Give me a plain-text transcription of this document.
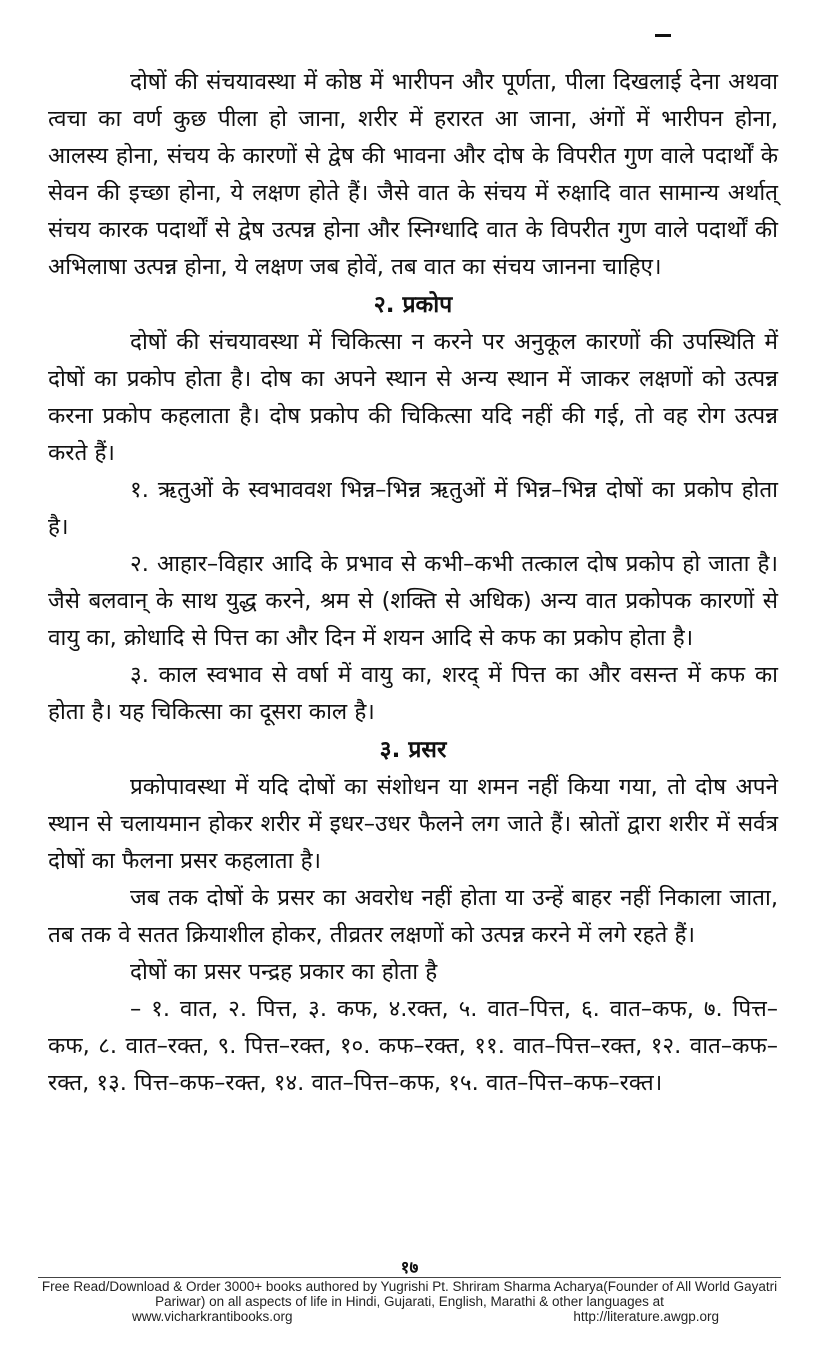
दोषों की संचयावस्था में कोष्ठ में भारीपन और पूर्णता, पीला दिखलाई देना अथवा त्वचा का वर्ण कुछ पीला हो जाना, शरीर में हरारत आ जाना, अंगों में भारीपन होना, आलस्य होना, संचय के कारणों से द्वेष की भावना और दोष के विपरीत गुण वाले पदार्थों के सेवन की इच्छा होना, ये लक्षण होते हैं। जैसे वात के संचय में रुक्षादि वात सामान्य अर्थात् संचय कारक पदार्थों से द्वेष उत्पन्न होना और स्निग्धादि वात के विपरीत गुण वाले पदार्थों की अभिलाषा उत्पन्न होना, ये लक्षण जब होवें, तब वात का संचय जानना चाहिए।

२. प्रकोप

दोषों की संचयावस्था में चिकित्सा न करने पर अनुकूल कारणों की उपस्थिति में दोषों का प्रकोप होता है। दोष का अपने स्थान से अन्य स्थान में जाकर लक्षणों को उत्पन्न करना प्रकोप कहलाता है। दोष प्रकोप की चिकित्सा यदि नहीं की गई, तो वह रोग उत्पन्न करते हैं।

१. ऋतुओं के स्वभाववश भिन्न–भिन्न ऋतुओं में भिन्न–भिन्न दोषों का प्रकोप होता है।

२. आहार–विहार आदि के प्रभाव से कभी–कभी तत्काल दोष प्रकोप हो जाता है। जैसे बलवान् के साथ युद्ध करने, श्रम से (शक्ति से अधिक) अन्य वात प्रकोपक कारणों से वायु का, क्रोधादि से पित्त का और दिन में शयन आदि से कफ का प्रकोप होता है।

३. काल स्वभाव से वर्षा में वायु का, शरद् में पित्त का और वसन्त में कफ का होता है। यह चिकित्सा का दूसरा काल है।

३. प्रसर

प्रकोपावस्था में यदि दोषों का संशोधन या शमन नहीं किया गया, तो दोष अपने स्थान से चलायमान होकर शरीर में इधर–उधर फैलने लग जाते हैं। स्रोतों द्वारा शरीर में सर्वत्र दोषों का फैलना प्रसर कहलाता है।

जब तक दोषों के प्रसर का अवरोध नहीं होता या उन्हें बाहर नहीं निकाला जाता, तब तक वे सतत क्रियाशील होकर, तीव्रतर लक्षणों को उत्पन्न करने में लगे रहते हैं।

दोषों का प्रसर पन्द्रह प्रकार का होता है

– १. वात, २. पित्त, ३. कफ, ४.रक्त, ५. वात–पित्त, ६. वात–कफ, ७. पित्त–कफ, ८. वात–रक्त, ९. पित्त–रक्त, १०. कफ–रक्त, ११. वात–पित्त–रक्त, १२. वात–कफ–रक्त, १३. पित्त–कफ–रक्त, १४. वात–पित्त–कफ, १५. वात–पित्त–कफ–रक्त।

१७
Free Read/Download & Order 3000+ books authored by Yugrishi Pt. Shriram Sharma Acharya(Founder of All World Gayatri Pariwar) on all aspects of life in Hindi, Gujarati, English, Marathi & other languages at
www.vicharkrantibooks.org	http://literature.awgp.org
